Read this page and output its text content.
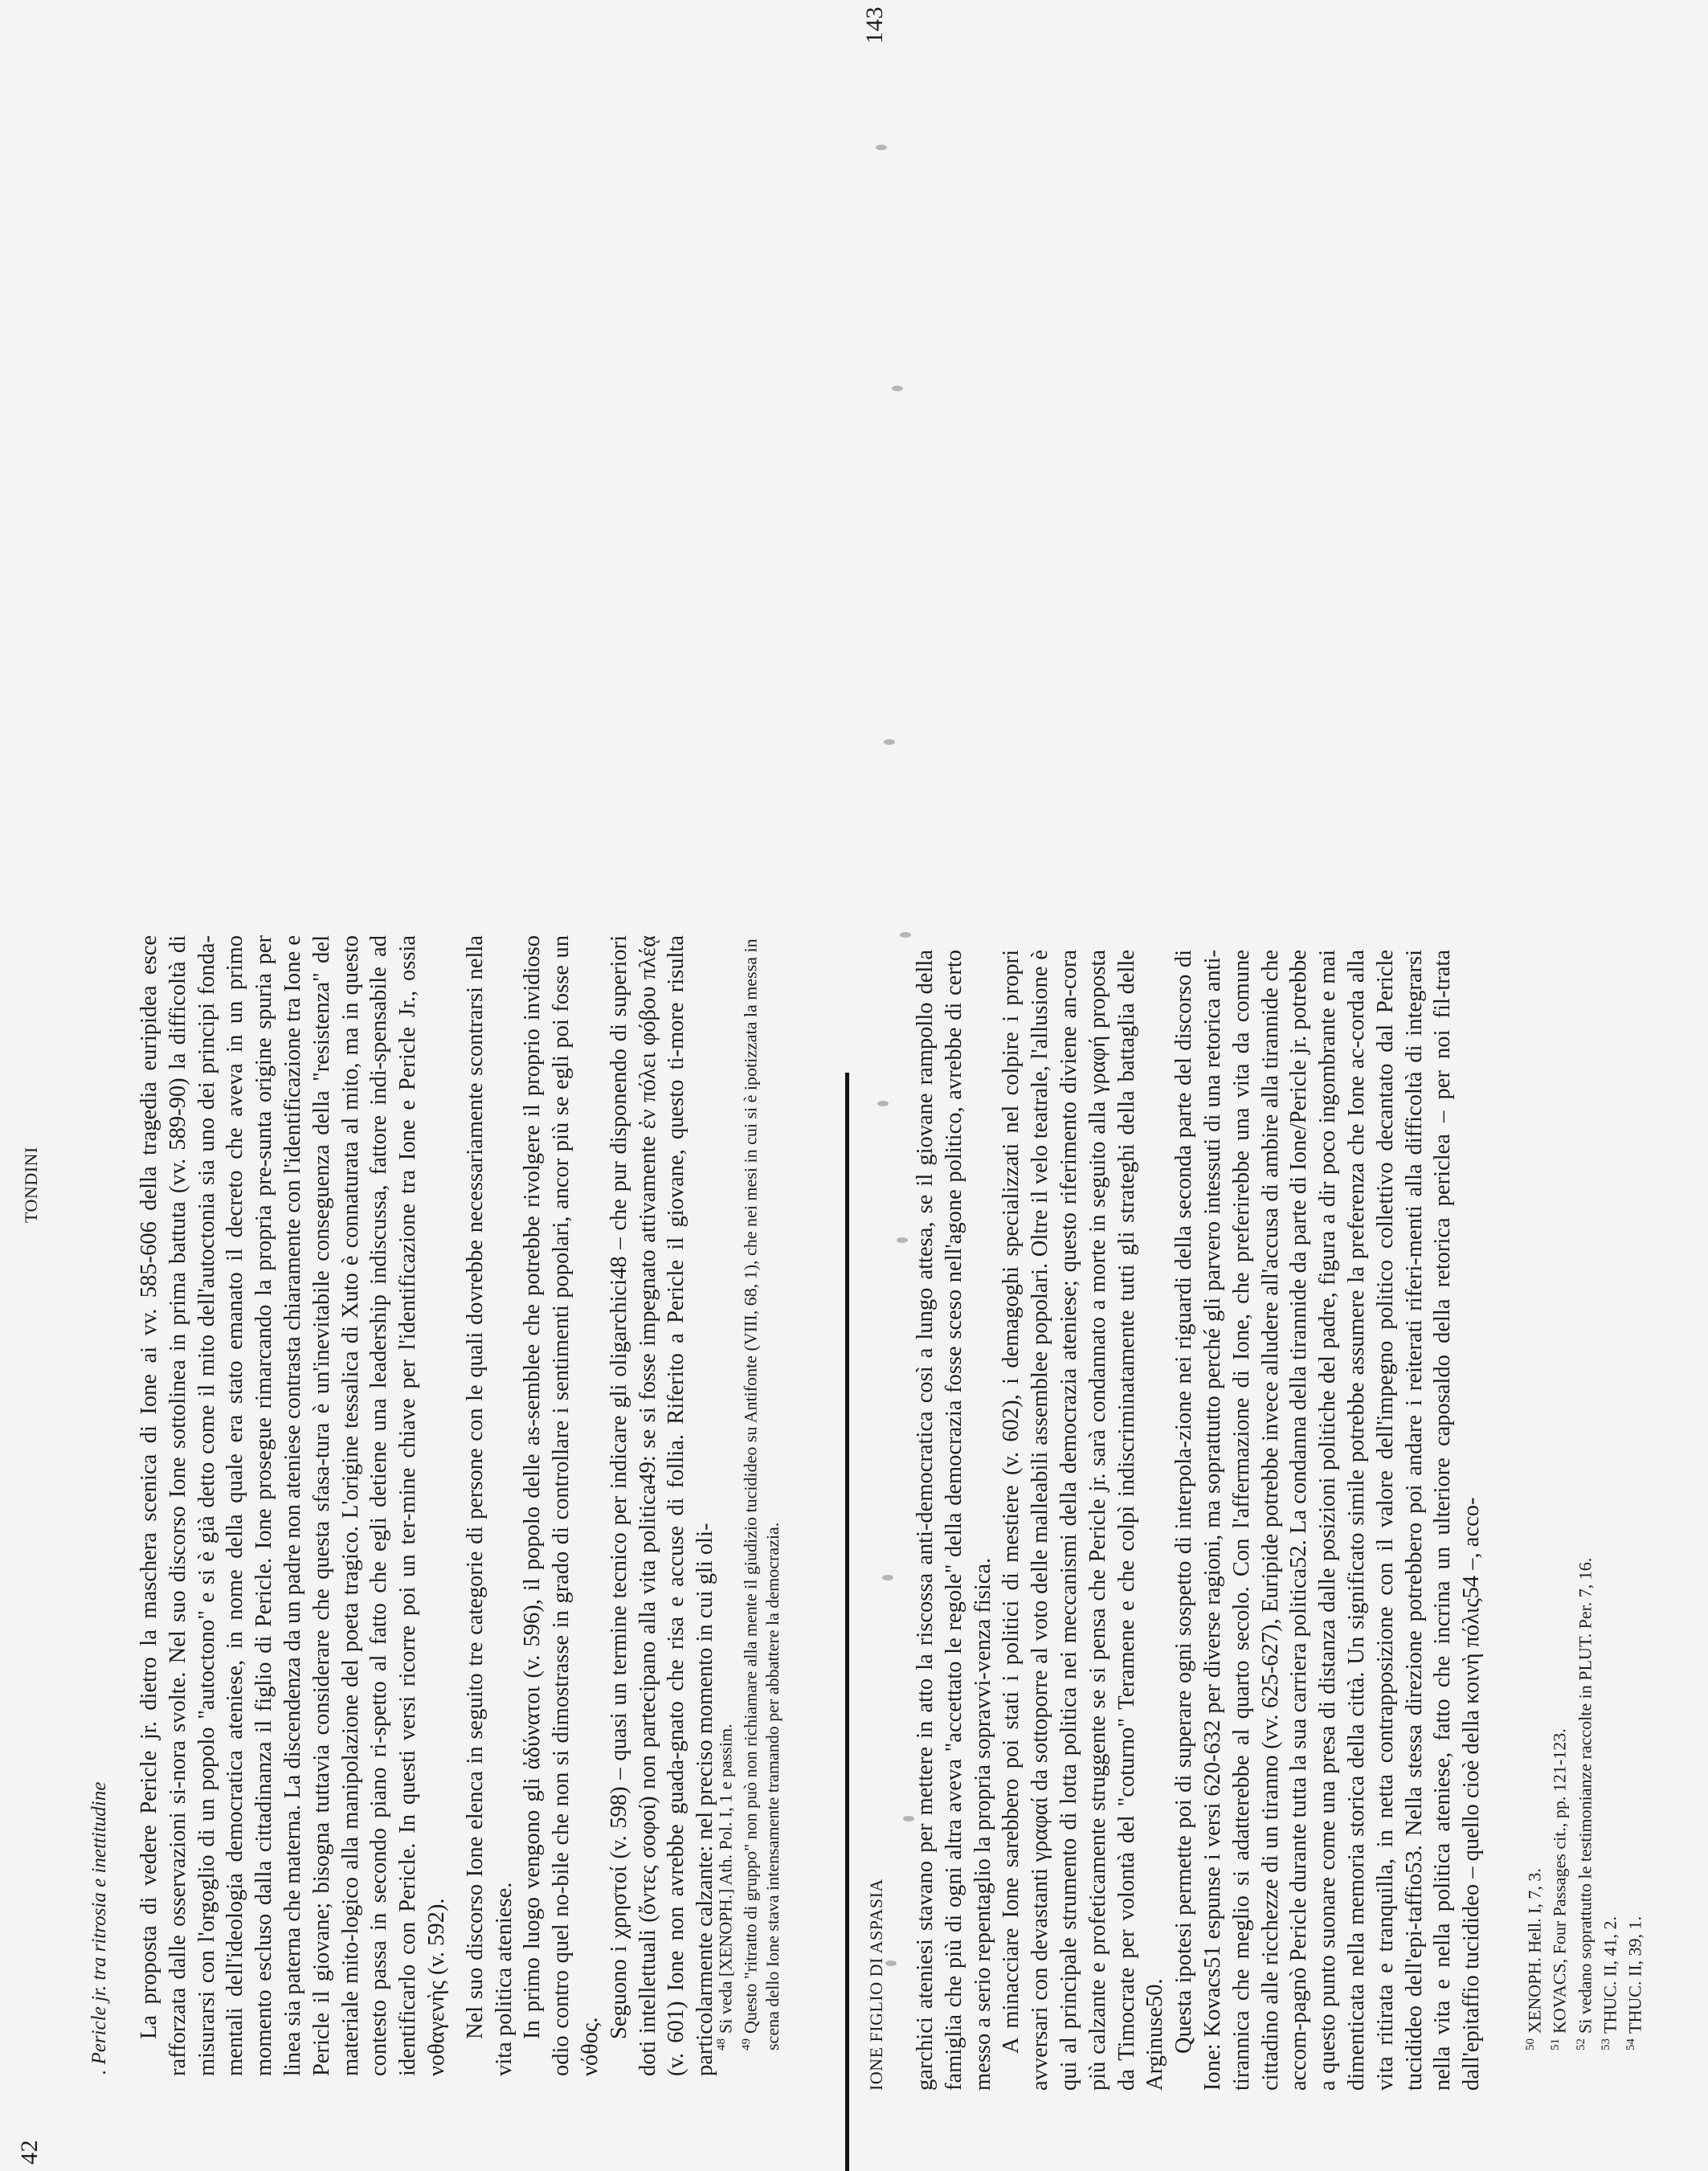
42
TONDINI
. Pericle jr. tra ritrosia e inettitudine La proposta di vedere Pericle jr. dietro la maschera scenica di Ione ai vv. 585-606 della tragedia euripidea esce rafforzata dalle osservazioni si-nora svolte. Nel suo discorso Ione sottolinea in prima battuta (vv. 589-90) la difficoltà di misurarsi con l'orgoglio di un popolo "autoctono" e si è già detto come il mito dell'autoctonia sia uno dei principi fonda-mentali dell'ideologia democratica ateniese, in nome della quale era stato emanato il decreto che aveva in un primo momento escluso dalla cittadinanza il figlio di Pericle. Ione prosegue rimarcando la propria pre-sunta origine spuria per linea sia paterna che materna. La discendenza da un padre non ateniese contrasta chiaramente con l'identificazione tra Ione e Pericle il giovane; bisogna tuttavia considerare che questa sfasa-tura è un'inevitabile conseguenza della "resistenza" del materiale mito-logico alla manipolazione del poeta tragico. L'origine tessalica di Xuto è connaturata al mito, ma in questo contesto passa in secondo piano ri-spetto al fatto che egli detiene una leadership indiscussa, fattore indi-spensabile ad identificarlo con Pericle. In questi versi ricorre poi un ter-mine chiave per l'identificazione tra Ione e Pericle Jr., ossia νοθαγενὴς (v. 592). Nel suo discorso Ione elenca in seguito tre categorie di persone con le quali dovrebbe necessariamente scontrarsi nella vita politica ateniese. In primo luogo vengono gli ἀδύνατοι (v. 596), il popolo delle as-semblee che potrebbe rivolgere il proprio invidioso odio contro quel no-bile che non si dimostrasse in grado di controllare i sentimenti popolari, ancor più se egli poi fosse un νόθος.

Seguono i χρηστοί (v. 598) – quasi un termine tecnico per indicare gli oligarchici48 – che pur disponendo di superiori doti intellettuali (ὄντες σοφοί) non partecipano alla vita politica49: se si fosse impegnato attivamente ἐν πόλει φόβου πλέᾳ (v. 601) Ione non avrebbe guada-gnato che risa e accuse di follia. Riferito a Pericle il giovane, questo ti-more risulta particolarmente calzante: nel preciso momento in cui gli oli-

$^{48}$Si veda [XENOPH.] Ath. Pol. I, 1 e passim.
$^{49}$Questo "ritratto di gruppo" non può non richiamare alla mente il giudizio tucidideo su Antifonte (VIII, 68, 1), che nei mesi in cui si è ipotizzata la messa in scena dello Ione stava intensamente tramando per abbattere la democrazia.	IONE FIGLIO DI ASPASIA
143

garchici ateniesi stavano per mettere in atto la riscossa anti-democratica così a lungo attesa, se il giovane rampollo della famiglia che più di ogni altra aveva "accettato le regole" della democrazia fosse sceso nell'agone politico, avrebbe di certo messo a serio repentaglio la propria sopravvi-venza fisica. A minacciare Ione sarebbero poi stati i politici di mestiere (v. 602), i demagoghi specializzati nel colpire i propri avversari con devastanti γραφαί da sottoporre al voto delle malleabili assemblee popolari. Oltre il velo teatrale, l'allusione è qui al principale strumento di lotta politica nei meccanismi della democrazia ateniese; questo riferimento diviene an-cora più calzante e profeticamente struggente se si pensa che Pericle jr. sarà condannato a morte in seguito alla γραφή proposta da Timocrate per volontà del "coturno" Teramene e che colpì indiscriminatamente tutti gli strateghi della battaglia delle Arginuse50. Questa ipotesi permette poi di superare ogni sospetto di interpola-zione nei riguardi della seconda parte del discorso di Ione: Kovacs51 espunse i versi 620-632 per diverse ragioni, ma soprattutto perché gli parvero intessuti di una retorica anti-tirannica che meglio si adatterebbe al quarto secolo. Con l'affermazione di Ione, che preferirebbe una vita da comune cittadino alle ricchezze di un tiranno (vv. 625-627), Euripide potrebbe invece alludere all'accusa di ambire alla tirannide che accom-pagnò Pericle durante tutta la sua carriera politica52. La condanna della tirannide da parte di Ione/Pericle jr. potrebbe a questo punto suonare come una presa di distanza dalle posizioni politiche del padre, figura a dir poco ingombrante e mai dimenticata nella memoria storica della città. Un significato simile potrebbe assumere la preferenza che Ione ac-corda alla vita ritirata e tranquilla, in netta contrapposizione con il valore dell'impegno politico collettivo decantato dal Pericle tucidideo dell'epi-taffio53. Nella stessa direzione potrebbero poi andare i reiterati riferi-menti alla difficoltà di integrarsi nella vita e nella politica ateniese, fatto che incrina un ulteriore caposaldo della retorica periclea – per noi fil-trata dall'epitaffio tucidideo – quello cioè della κοινὴ πόλις54 –, acco-	$^{50}$XENOPH. Hell. I, 7, 3.
$^{51}$KOVACS, Four Passages cit., pp. 121-123.
$^{52}$Si vedano soprattutto le testimonianze raccolte in PLUT. Per. 7, 16.
$^{53}$THUC. II, 41, 2.
$^{54}$THUC. II, 39, 1.
